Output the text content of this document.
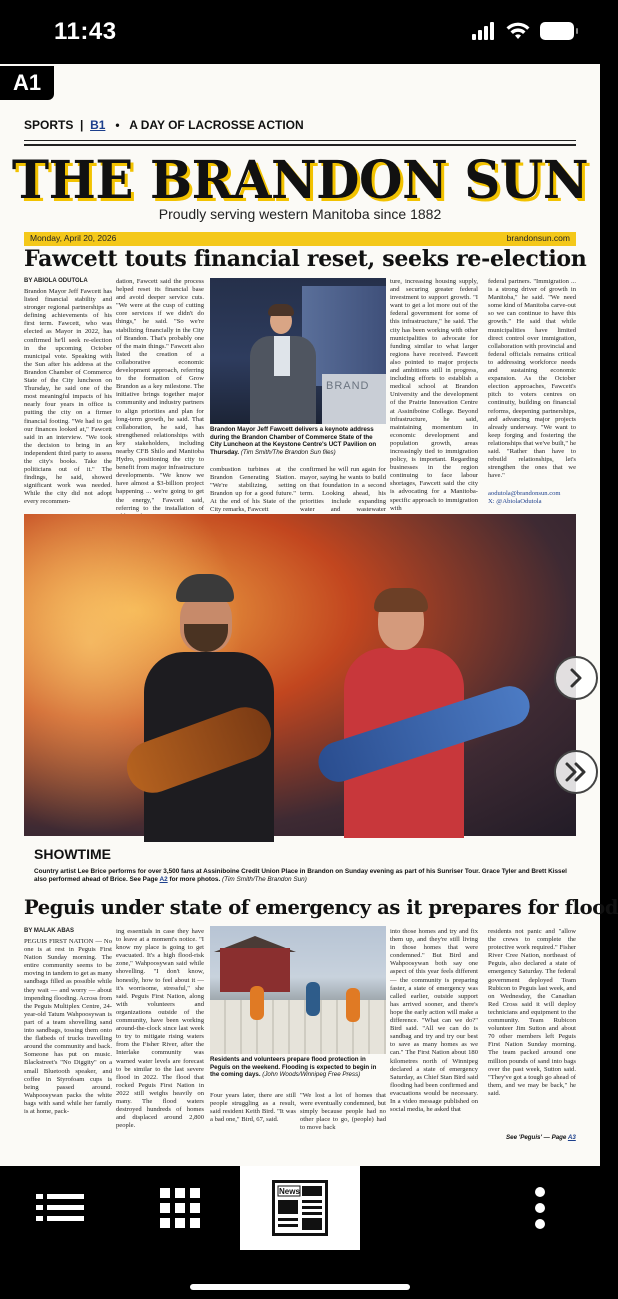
11:43
A1
SPORTS  |  B1   •   A DAY OF LACROSSE ACTION
THE BRANDON SUN
Proudly serving western Manitoba since 1882
Monday, April 20, 2026	brandonsun.com
Fawcett touts financial reset, seeks re-election
BY ABIOLA ODUTOLA
Brandon Mayor Jeff Fawcett has listed financial stability and stronger regional partnerships as defining achievements of his first term. Fawcett, who was elected as Mayor in 2022, has confirmed he'll seek re-election in the upcoming October municipal vote. Speaking with the Sun after his address at the Brandon Chamber of Commerce State of the City luncheon on Thursday, he said one of the most meaningful impacts of his nearly four years in office is putting the city on a firmer financial footing. "We had to get our finances looked at," Fawcett said in an interview. "We took the decision to bring in an independent third party to assess the city's books. Take the politicians out of it." The findings, he said, showed significant work was needed. While the city did not adopt every recommen-
dation, Fawcett said the process helped reset its financial base and avoid deeper service cuts. "We were at the cusp of cutting core services if we didn't do things," he said. "So we're stabilizing financially in the City of Brandon. That's probably one of the main things." Fawcett also listed the creation of a collaborative economic development approach, referring to the formation of Grow Brandon as a key milestone. The initiative brings together major community and industry partners to align priorities and plan for long-term growth, he said. That collaboration, he said, has strengthened relationships with key stakeholders, including nearby CFB Shilo and Manitoba Hydro, positioning the city to benefit from major infrastructure developments. "We know we have almost a $3-billion project happening ... we're going to get the energy," Fawcett said, referring to the installation of
BRAND
Brandon Mayor Jeff Fawcett delivers a keynote address during the Brandon Chamber of Commerce State of the City Luncheon at the Keystone Centre's UCT Pavilion on Thursday. (Tim Smith/The Brandon Sun files)
combustion turbines at the Brandon Generating Station. "We're stabilizing, setting Brandon up for a good future." At the end of his State of the City remarks, Fawcett
confirmed he will run again for mayor, saying he wants to build on that foundation in a second term. Looking ahead, his priorities include expanding water and wastewater
ture, increasing housing supply, and securing greater federal investment to support growth. "I want to get a lot more out of the federal government for some of this infrastructure," he said. The city has been working with other municipalities to advocate for funding similar to what larger regions have received. Fawcett also pointed to major projects and ambitions still in progress, including efforts to establish a medical school at Brandon University and the development of the Prairie Innovation Centre at Assiniboine College. Beyond infrastructure, he said, maintaining momentum in economic development and population growth, areas increasingly tied to immigration policy, is important. Regarding businesses in the region continuing to face labour shortages, Fawcett said the city is advocating for a Manitoba-specific approach to immigration with
federal partners. "Immigration ... is a strong driver of growth in Manitoba," he said. "We need some kind of Manitoba carve-out so we can continue to have this growth." He said that while municipalities have limited direct control over immigration, collaboration with provincial and federal officials remains critical to addressing workforce needs and sustaining economic expansion. As the October election approaches, Fawcett's pitch to voters centres on continuity, building on financial reforms, deepening partnerships, and advancing major projects already underway. "We want to keep forging and fostering the relationships that we've built," he said. "Rather than have to rebuild relationships, let's strengthen the ones that we have."
aodutola@brandonsun.com
X: @AbiolaOdutola
SHOWTIME
Country artist Lee Brice performs for over 3,500 fans at Assiniboine Credit Union Place in Brandon on Sunday evening as part of his Sunriser Tour. Grace Tyler and Brett Kissel also performed ahead of Brice. See Page A2 for more photos. (Tim Smith/The Brandon Sun)
Peguis under state of emergency as it prepares for flood
BY MALAK ABAS
PEGUIS FIRST NATION — No one is at rest in Peguis First Nation Sunday morning. The entire community seems to be moving in tandem to get as many sandbags filled as possible while they wait — and worry — about impending flooding. Across from the Peguis Multiplex Centre, 24-year-old Tatum Wahpoosywan is part of a team shovelling sand into sandbags, tossing them onto the flatbeds of trucks travelling around the community and back. Someone has put on music. Blackstreet's "No Diggity" on a small Bluetooth speaker, and coffee in Styrofoam cups is being passed around. Wahpoosywan packs the white bags with sand while her family is at home, pack-
ing essentials in case they have to leave at a moment's notice. "I know my place is going to get evacuated. It's a high flood-risk zone," Wahpoosywan said while shovelling. "I don't know, honestly, how to feel about it — it's worrisome, stressful," she said. Peguis First Nation, along with volunteers and organizations outside of the community, have been working around-the-clock since last week to try to mitigate rising waters from the Fisher River, after the Interlake community was warned water levels are forecast to be similar to the last severe flood in 2022. The flood that rocked Peguis First Nation in 2022 still weighs heavily on many. The flood waters destroyed hundreds of homes and displaced around 2,800 people.
Residents and volunteers prepare flood protection in Peguis on the weekend. Flooding is expected to begin in the coming days. (John Woods/Winnipeg Free Press)
Four years later, there are still people struggling as a result, said resident Keith Bird. "It was a bad one," Bird, 67, said.
"We lost a lot of homes that were eventually condemned, but simply because people had no other place to go, (people) had to move back
into those homes and try and fix them up, and they're still living in those homes that were condemned." But Bird and Wahpoosywan both say one aspect of this year feels different — the community is preparing faster, a state of emergency was called earlier, outside support has arrived sooner, and there's hope the early action will make a difference. "What can we do?" Bird said. "All we can do is sandbag and try and try our best to save as many homes as we can." The First Nation about 180 kilometres north of Winnipeg declared a state of emergency Saturday, as Chief Stan Bird said flooding had been confirmed and evacuations would be necessary. In a video message published on social media, he asked that
residents not panic and "allow the crews to complete the protective work required." Fisher River Cree Nation, northeast of Peguis, also declared a state of emergency Saturday. The federal government deployed Team Rubicon to Peguis last week, and on Wednesday, the Canadian Red Cross said it will deploy technicians and equipment to the community. Team Rubicon volunteer Jim Sutton and about 70 other members left Peguis First Nation Sunday morning. The team packed around one million pounds of sand into bags over the past week, Sutton said. "They've got a tough go ahead of them, and we may be back," he said.
See 'Peguis' — Page A3
News
